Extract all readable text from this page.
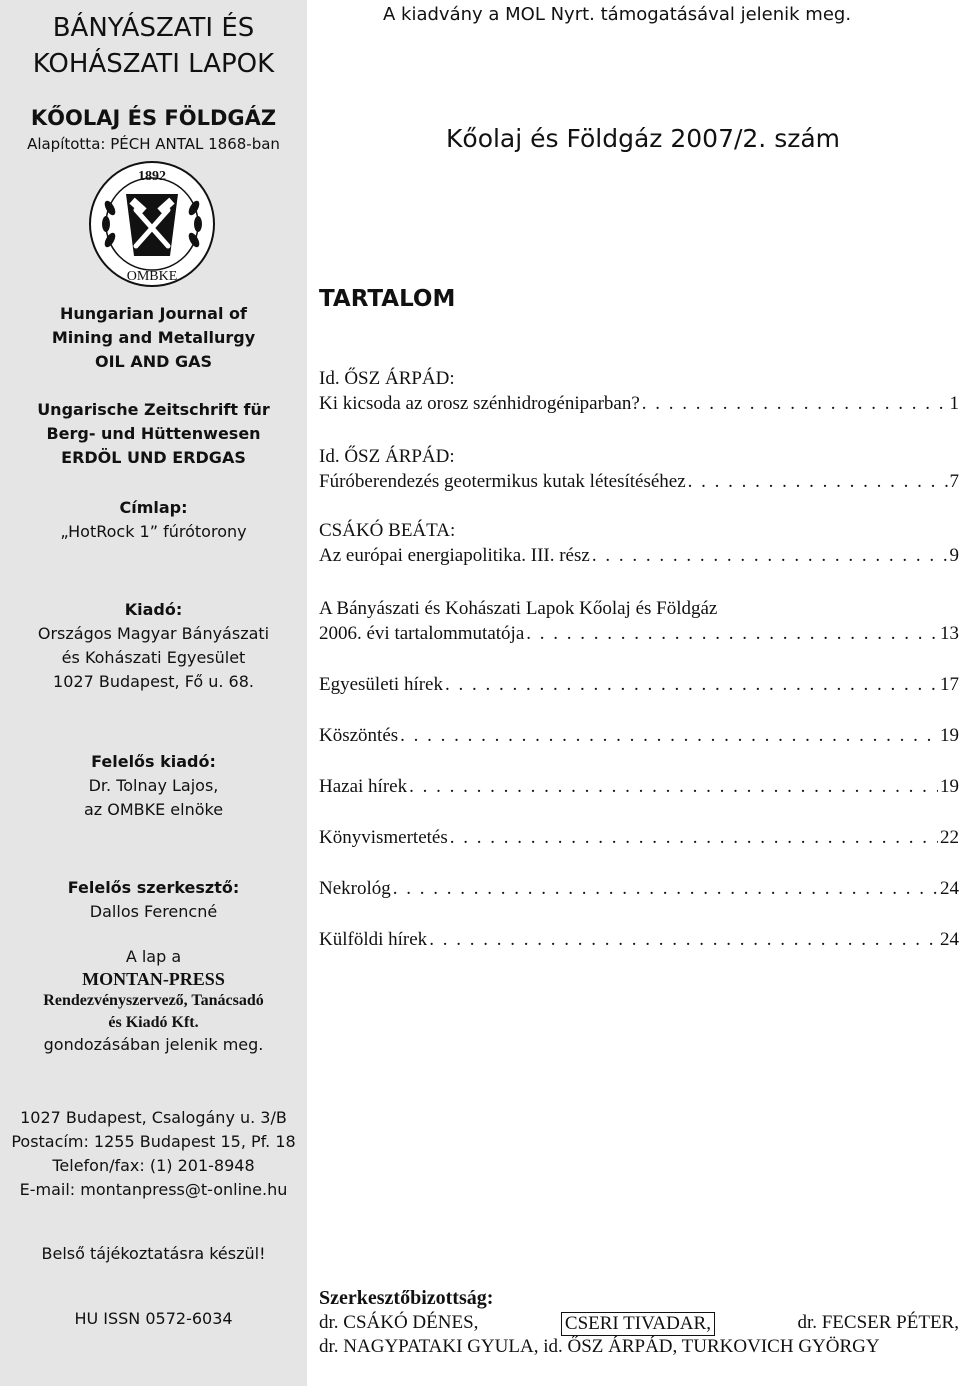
BÁNYÁSZATI ÉS
KOHÁSZATI LAPOK
KŐOLAJ ÉS FÖLDGÁZ
Alapította: PÉCH ANTAL 1868-ban
1892
OMBKE
Hungarian Journal of
Mining and Metallurgy
OIL AND GAS
Ungarische Zeitschrift für
Berg- und Hüttenwesen
ERDÖL UND ERDGAS
Címlap:
„HotRock 1” fúrótorony
Kiadó:
Országos Magyar Bányászati
és Kohászati Egyesület
1027 Budapest, Fő u. 68.
Felelős kiadó:
Dr. Tolnay Lajos,
az OMBKE elnöke
Felelős szerkesztő:
Dallos Ferencné
A lap a
MONTAN-PRESS
Rendezvényszervező, Tanácsadó
és Kiadó Kft.
gondozásában jelenik meg.
1027 Budapest, Csalogány u. 3/B
Postacím: 1255 Budapest 15, Pf. 18
Telefon/fax: (1) 201-8948
E-mail: montanpress@t-online.hu
Belső tájékoztatásra készül!
HU ISSN 0572-6034
A kiadvány a MOL Nyrt. támogatásával jelenik meg.
Kőolaj és Földgáz 2007/2. szám
TARTALOM
Id. ŐSZ ÁRPÁD:
Ki kicsoda az orosz szénhidrogéniparban? . . .	1
Id. ŐSZ ÁRPÁD:
Fúróberendezés geotermikus kutak létesítéséhez . . .	7
CSÁKÓ BEÁTA:
Az európai energiapolitika. III. rész . . .	9
A Bányászati és Kohászati Lapok Kőolaj és Földgáz
2006. évi tartalommutatója . . .	13
Egyesületi hírek . . .	17
Köszöntés . . .	19
Hazai hírek . . .	19
Könyvismertetés . . .	22
Nekrológ . . .	24
Külföldi hírek . . .	24
Szerkesztőbizottság:
dr. CSÁKÓ DÉNES,	CSERI TIVADAR,	dr. FECSER PÉTER,
dr. NAGYPATAKI GYULA, id. ŐSZ ÁRPÁD, TURKOVICH GYÖRGY
